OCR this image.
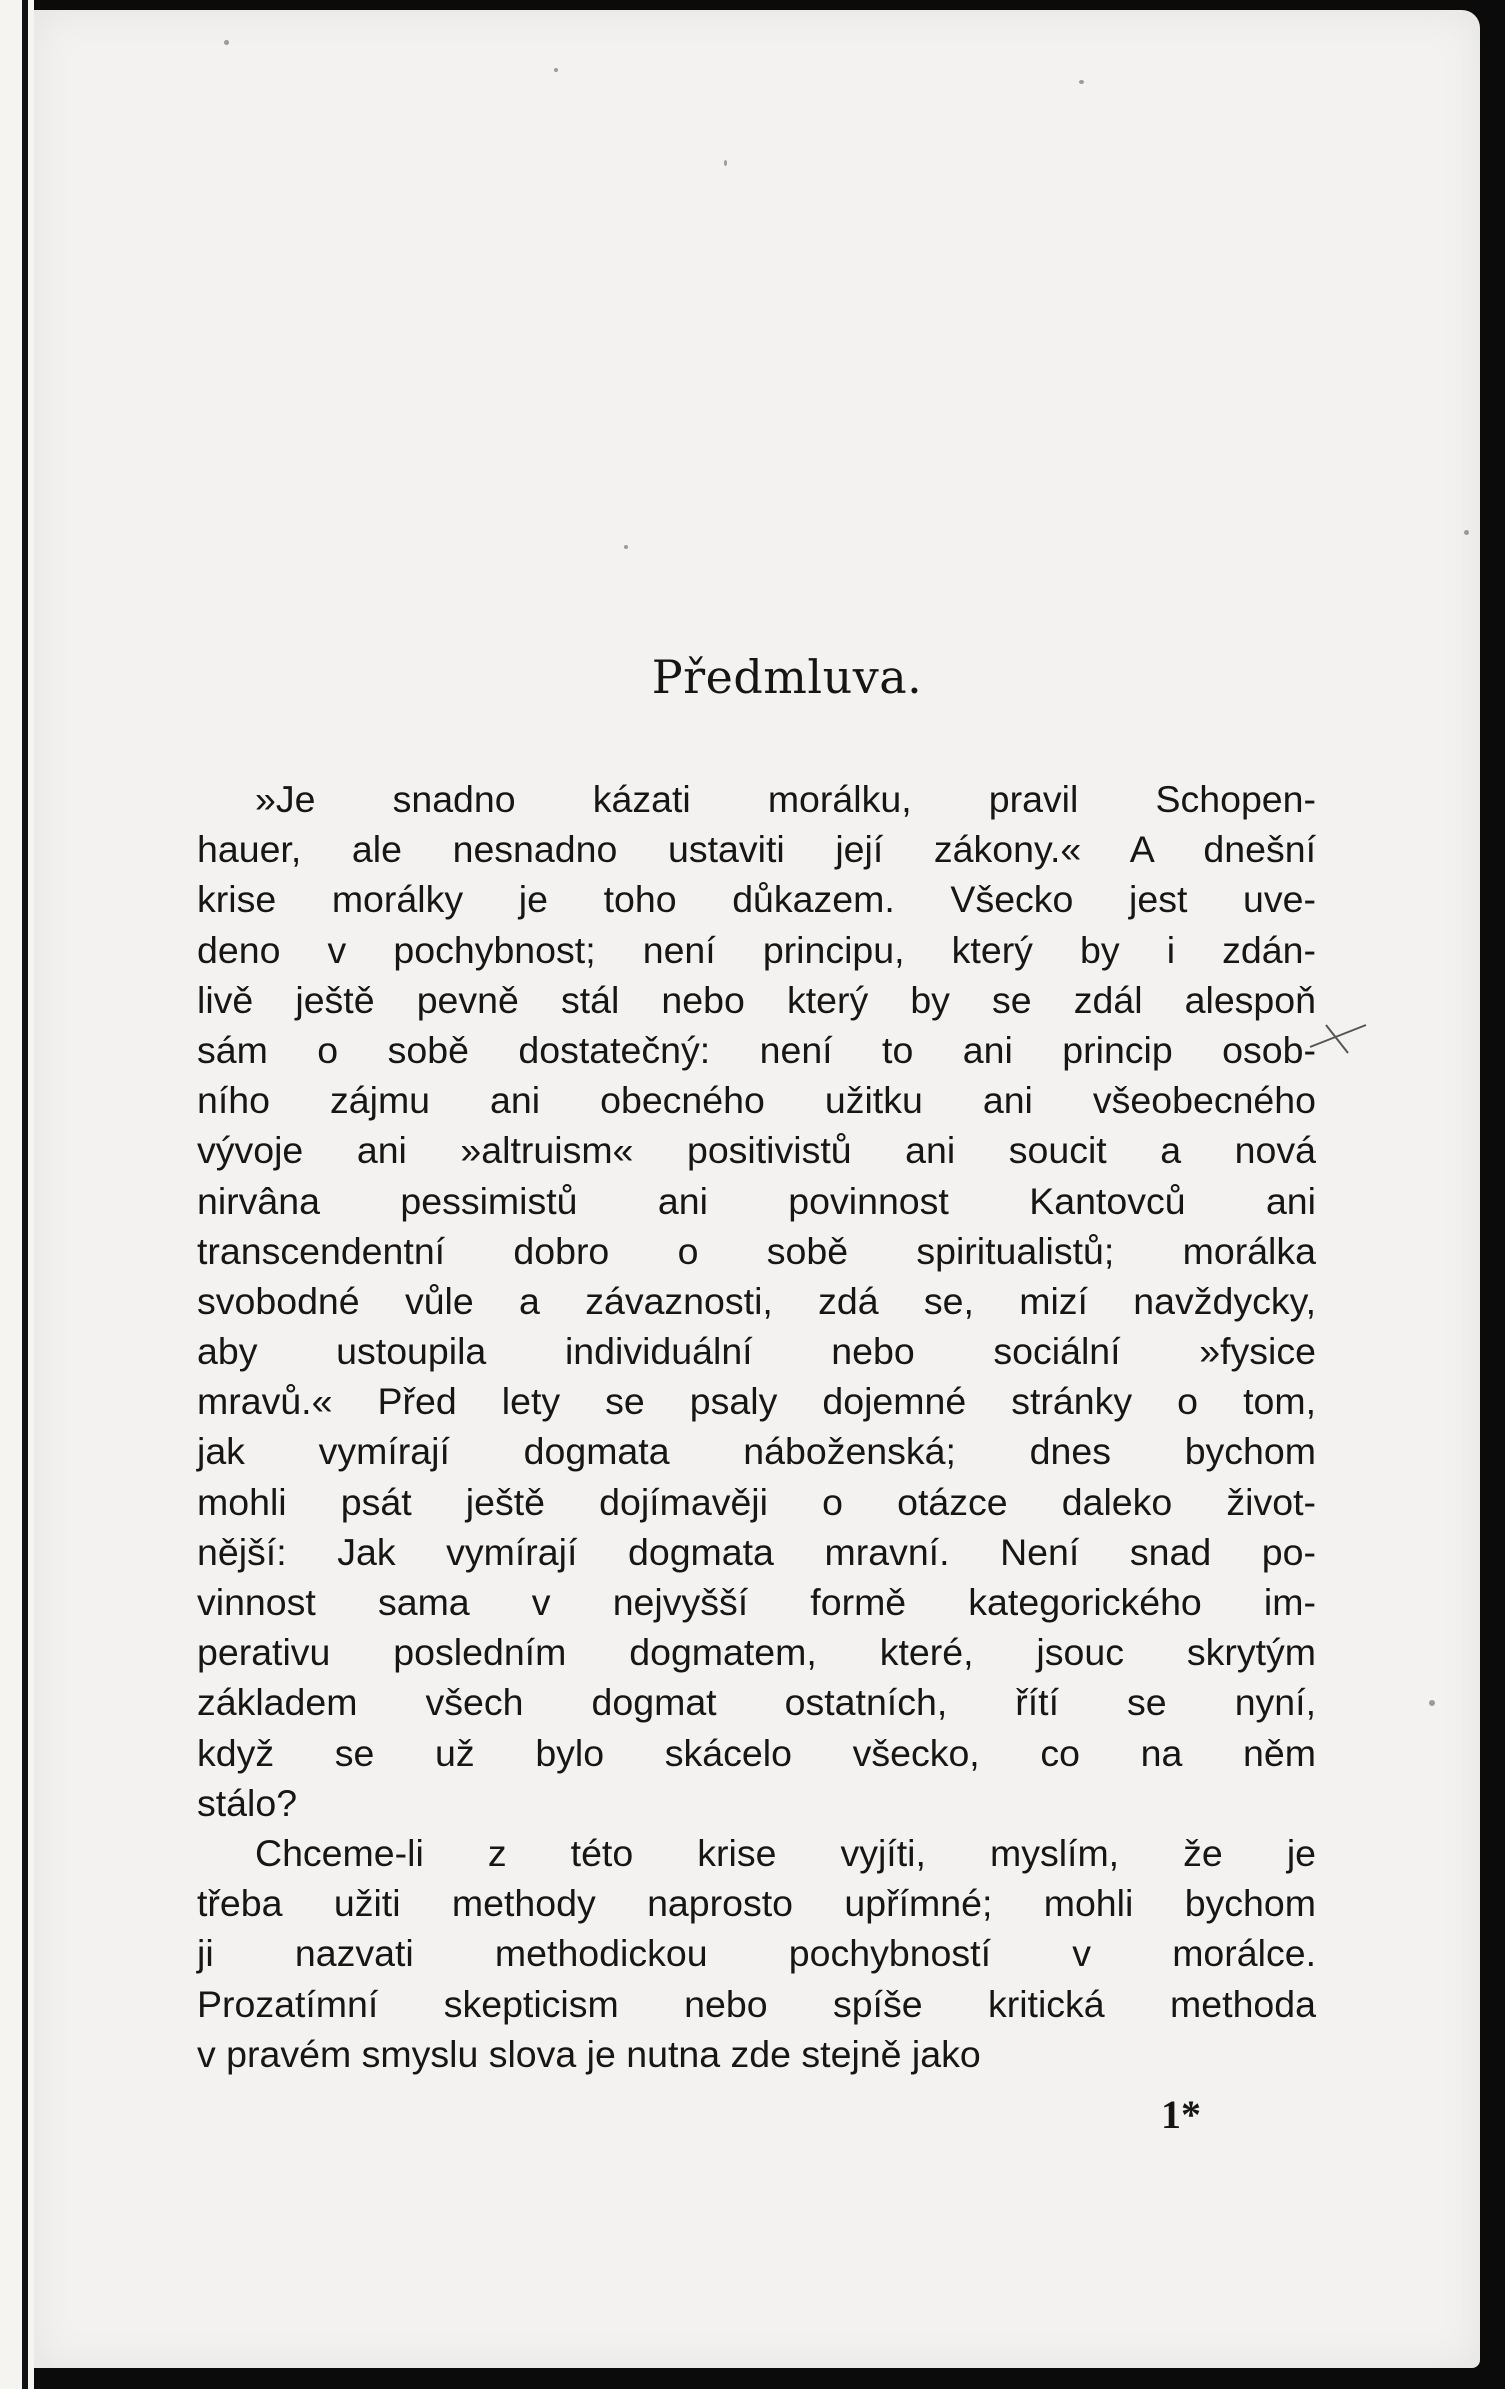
Předmluva.
»Je snadno kázati morálku, pravil Schopen-
hauer, ale nesnadno ustaviti její zákony.« A dnešní
krise morálky je toho důkazem. Všecko jest uve-
deno v pochybnost; není principu, který by i zdán-
livě ještě pevně stál nebo který by se zdál alespoň
sám o sobě dostatečný: není to ani princip osob-
ního zájmu ani obecného užitku ani všeobecného
vývoje ani »altruism« positivistů ani soucit a nová
nirvâna pessimistů ani povinnost Kantovců ani
transcendentní dobro o sobě spiritualistů; morálka
svobodné vůle a závaznosti, zdá se, mizí navždycky,
aby ustoupila individuální nebo sociální »fysice
mravů.« Před lety se psaly dojemné stránky o tom,
jak vymírají dogmata náboženská; dnes bychom
mohli psát ještě dojímavěji o otázce daleko život-
nější: Jak vymírají dogmata mravní. Není snad po-
vinnost sama v nejvyšší formě kategorického im-
perativu posledním dogmatem, které, jsouc skrytým
základem všech dogmat ostatních, řítí se nyní,
když se už bylo skácelo všecko, co na něm
stálo?
Chceme-li z této krise vyjíti, myslím, že je
třeba užiti methody naprosto upřímné; mohli bychom
ji nazvati methodickou pochybností v morálce.
Prozatímní skepticism nebo spíše kritická methoda
v pravém smyslu slova je nutna zde stejně jako
1*
